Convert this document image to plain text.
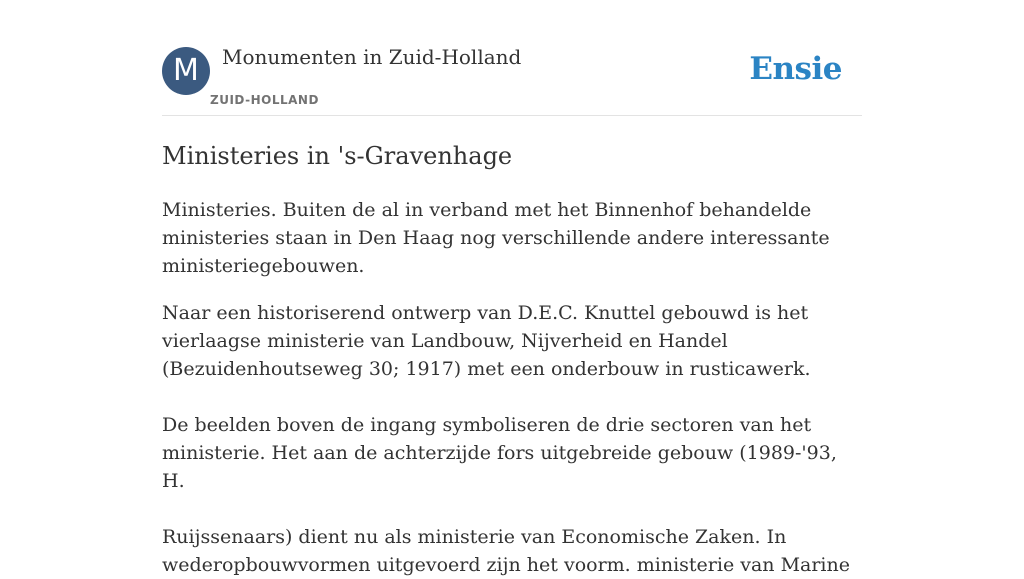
M	Monumenten in Zuid-Holland
ZUID-HOLLAND
Ensie
Ministeries in 's-Gravenhage

Ministeries. Buiten de al in verband met het Binnenhof behandelde ministeries staan in Den Haag nog verschillende andere interessante ministeriegebouwen.

Naar een historiserend ontwerp van D.E.C. Knuttel gebouwd is het vierlaagse ministerie van Landbouw, Nijverheid en Handel (Bezuidenhoutseweg 30; 1917) met een onderbouw in rusticawerk.

De beelden boven de ingang symboliseren de drie sectoren van het ministerie. Het aan de achterzijde fors uitgebreide gebouw (1989-'93, H.

Ruijssenaars) dient nu als ministerie van Economische Zaken. In wederopbouwvormen uitgevoerd zijn het voorm. ministerie van Marine
